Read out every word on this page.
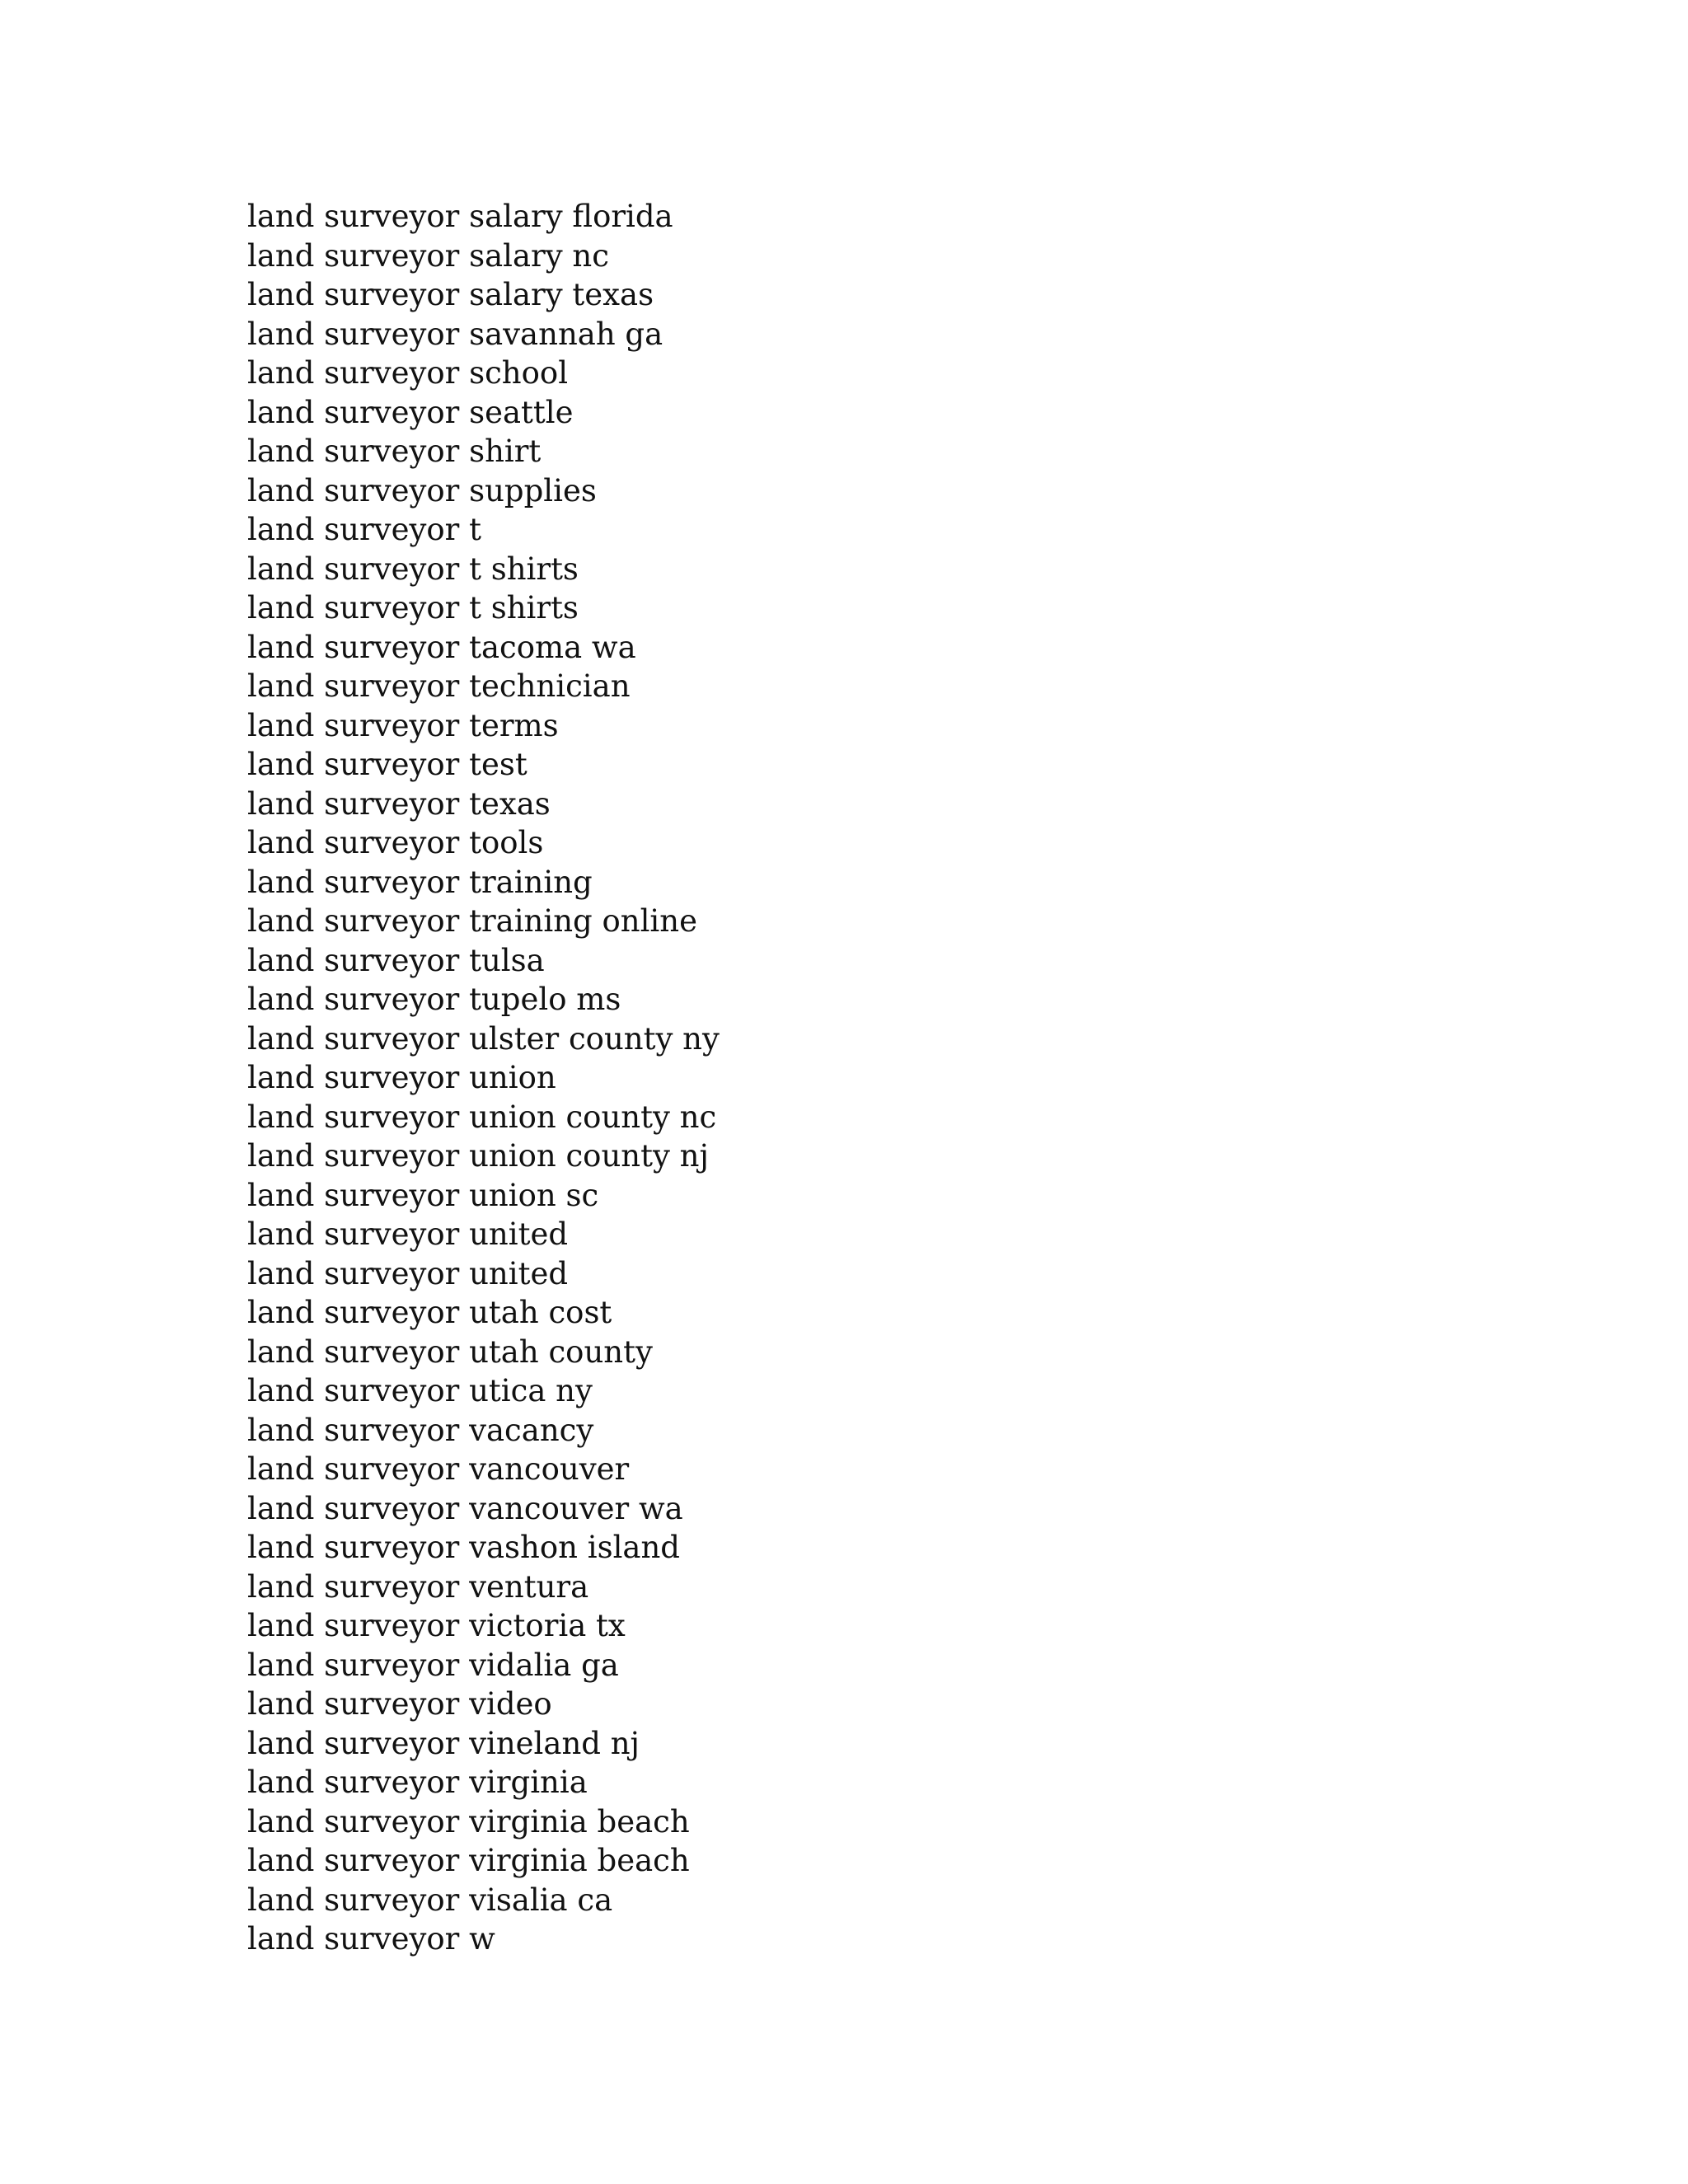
land surveyor salary florida
land surveyor salary nc
land surveyor salary texas
land surveyor savannah ga
land surveyor school
land surveyor seattle
land surveyor shirt
land surveyor supplies
land surveyor t
land surveyor t shirts
land surveyor t shirts
land surveyor tacoma wa
land surveyor technician
land surveyor terms
land surveyor test
land surveyor texas
land surveyor tools
land surveyor training
land surveyor training online
land surveyor tulsa
land surveyor tupelo ms
land surveyor ulster county ny
land surveyor union
land surveyor union county nc
land surveyor union county nj
land surveyor union sc
land surveyor united
land surveyor united
land surveyor utah cost
land surveyor utah county
land surveyor utica ny
land surveyor vacancy
land surveyor vancouver
land surveyor vancouver wa
land surveyor vashon island
land surveyor ventura
land surveyor victoria tx
land surveyor vidalia ga
land surveyor video
land surveyor vineland nj
land surveyor virginia
land surveyor virginia beach
land surveyor virginia beach
land surveyor visalia ca
land surveyor w
